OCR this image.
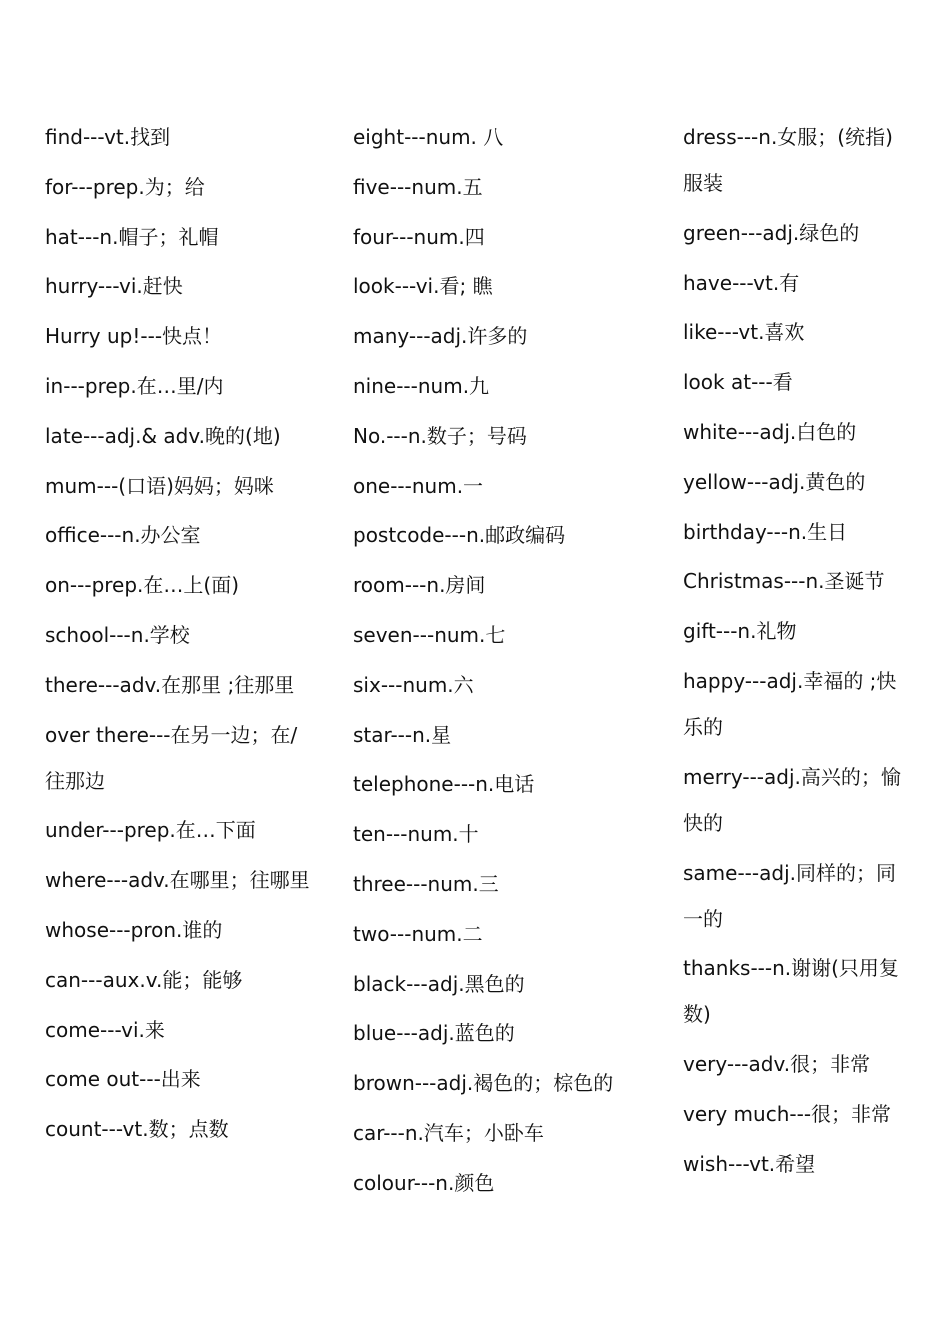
find---vt.找到
for---prep.为；给
hat---n.帽子；礼帽
hurry---vi.赶快
Hurry up!---快点！
in---prep.在…里/内
late---adj.& adv.晚的(地)
mum---(口语)妈妈；妈咪
office---n.办公室
on---prep.在…上(面)
school---n.学校
there---adv.在那里 ;往那里
over there---在另一边；在/往那边
under---prep.在…下面
where---adv.在哪里；往哪里
whose---pron.谁的
can---aux.v.能；能够
come---vi.来
come out---出来
count---vt.数；点数
eight---num. 八
five---num.五
four---num.四
look---vi.看; 瞧
many---adj.许多的
nine---num.九
No.---n.数子；号码
one---num.一
postcode---n.邮政编码
room---n.房间
seven---num.七
six---num.六
star---n.星
telephone---n.电话
ten---num.十
three---num.三
two---num.二
black---adj.黑色的
blue---adj.蓝色的
brown---adj.褐色的；棕色的
car---n.汽车；小卧车
colour---n.颜色
dress---n.女服；(统指)服装
green---adj.绿色的
have---vt.有
like---vt.喜欢
look at---看
white---adj.白色的
yellow---adj.黄色的
birthday---n.生日
Christmas---n.圣诞节
gift---n.礼物
happy---adj.幸福的 ;快乐的
merry---adj.高兴的；愉快的
same---adj.同样的；同一的
thanks---n.谢谢(只用复数)
very---adv.很；非常
very much---很；非常
wish---vt.希望
